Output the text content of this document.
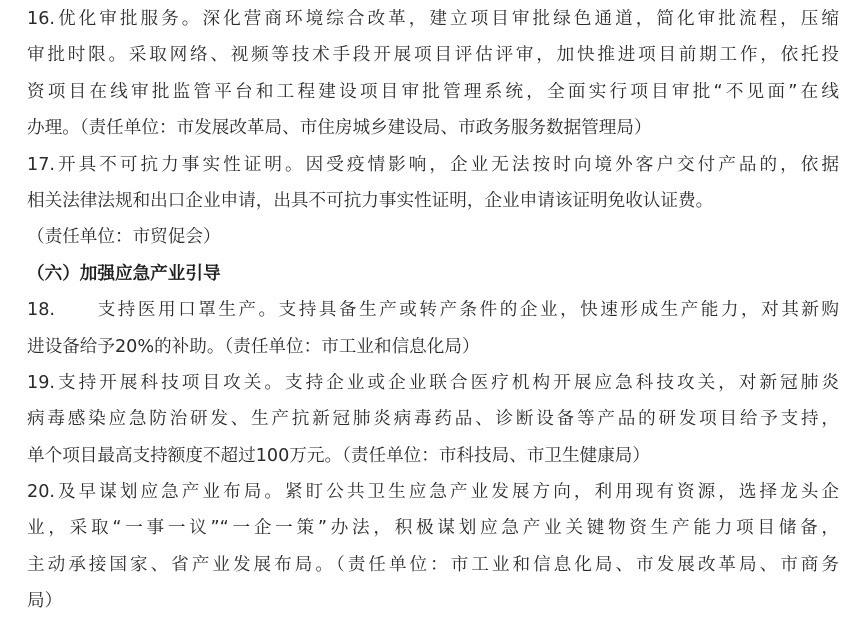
16.优化审批服务。深化营商环境综合改革，建立项目审批绿色通道，简化审批流程，压缩
审批时限。采取网络、视频等技术手段开展项目评估评审，加快推进项目前期工作，依托投
资项目在线审批监管平台和工程建设项目审批管理系统，全面实行项目审批“不见面”在线
办理。（责任单位：市发展改革局、市住房城乡建设局、市政务服务数据管理局）
17.开具不可抗力事实性证明。因受疫情影响，企业无法按时向境外客户交付产品的，依据
相关法律法规和出口企业申请，出具不可抗力事实性证明，企业申请该证明免收认证费。
（责任单位：市贸促会）
（六）加强应急产业引导
18.　　支持医用口罩生产。支持具备生产或转产条件的企业，快速形成生产能力，对其新购
进设备给予20%的补助。（责任单位：市工业和信息化局）
19.支持开展科技项目攻关。支持企业或企业联合医疗机构开展应急科技攻关，对新冠肺炎
病毒感染应急防治研发、生产抗新冠肺炎病毒药品、诊断设备等产品的研发项目给予支持，
单个项目最高支持额度不超过100万元。（责任单位：市科技局、市卫生健康局）
20.及早谋划应急产业布局。紧盯公共卫生应急产业发展方向，利用现有资源，选择龙头企
业，采取“一事一议”“一企一策”办法，积极谋划应急产业关键物资生产能力项目储备，
主动承接国家、省产业发展布局。（责任单位：市工业和信息化局、市发展改革局、市商务
局）
